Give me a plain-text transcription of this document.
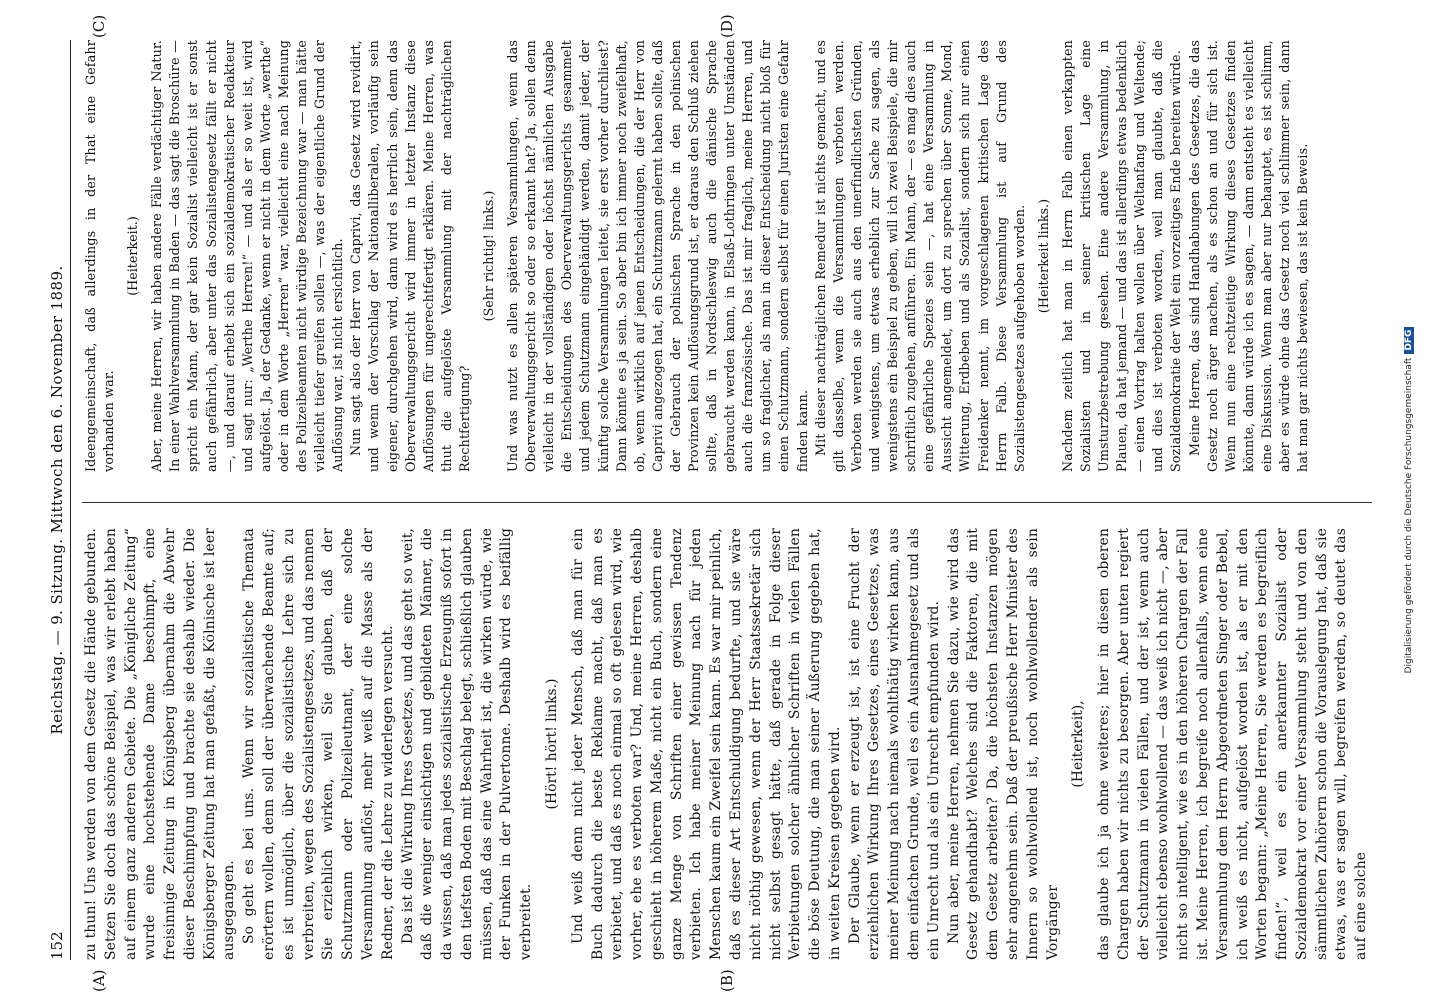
(A)	(B)
(C)	(D)
152
Reichstag. — 9. Sitzung. Mittwoch den 6. November 1889.

zu thun! Uns werden von dem Gesetz die Hände gebunden. Setzen Sie doch das schöne Beispiel, was wir erlebt haben auf einem ganz anderen Gebiete. Die „Königliche Zeitung“ wurde eine hochstehende Dame beschimpft, eine freisinnige Zeitung in Königsberg übernahm die Abwehr dieser Beschimpfung und brachte sie deshalb wieder. Die Königsberger Zeitung hat man gefaßt, die Kölnische ist leer ausgegangen. So geht es bei uns. Wenn wir sozialistische Themata erörtern wollen, denn soll der überwachende Beamte auf; es ist unmöglich, über die sozialistische Lehre sich zu verbreiten, wegen des Sozialistengesetzes, und das nennen Sie erziehlich wirken, weil Sie glauben, daß der Schutzmann oder Polizeileutnant, der eine solche Versammlung auflöst, mehr weiß auf die Masse als der Redner, der die Lehre zu widerlegen versucht. Das ist die Wirkung Ihres Gesetzes, und das geht so weit, daß die weniger einsichtigen und gebildeten Männer, die da wissen, daß man jedes sozialistische Erzeugniß sofort in den tiefsten Boden mit Beschlag belegt, schließlich glauben müssen, daß das eine Wahrheit ist, die wirken würde, wie der Funken in der Pulvertonne. Deshalb wird es beifällig verbreitet.

(Hört! hört! links.) Und weiß denn nicht jeder Mensch, daß man für ein Buch dadurch die beste Reklame macht, daß man es verbietet, und daß es noch einmal so oft gelesen wird, wie vorher, ehe es verboten war? Und, meine Herren, deshalb geschieht in höherem Maße, nicht ein Buch, sondern eine ganze Menge von Schriften einer gewissen Tendenz verbieten. Ich habe meiner Meinung nach für jeden Menschen kaum ein Zweifel sein kann. Es war mir peinlich, daß es dieser Art Entschuldigung bedurfte, und sie wäre nicht nöthig gewesen, wenn der Herr Staatssekretär sich nicht selbst gesagt hätte, daß gerade in Folge dieser Verbietungen solcher ähnlicher Schriften in vielen Fällen die böse Deutung, die man seiner Äußerung gegeben hat, in weiten Kreisen gegeben wird. Der Glaube, wenn er erzeugt ist, ist eine Frucht der erziehlichen Wirkung Ihres Gesetzes, eines Gesetzes, was meiner Meinung nach niemals wohlthätig wirken kann, aus dem einfachen Grunde, weil es ein Ausnahmegesetz und als ein Unrecht und als ein Unrecht empfunden wird. Nun aber, meine Herren, nehmen Sie dazu, wie wird das Gesetz gehandhabt? Welches sind die Faktoren, die mit dem Gesetz arbeiten? Da, die höchsten Instanzen mögen sehr angenehm sein. Daß der preußische Herr Minister des Innern so wohlwollend ist, noch wohlwollender als sein Vorgänger

(Heiterkeit), das glaube ich ja ohne weiteres; hier in diesen oberen Chargen haben wir nichts zu besorgen. Aber unten regiert der Schutzmann in vielen Fällen, und der ist, wenn auch vielleicht ebenso wohlwollend — das weiß ich nicht —, aber nicht so intelligent, wie es in den höheren Chargen der Fall ist. Meine Herren, ich begreife noch allenfalls, wenn eine Versammlung dem Herrn Abgeordneten Singer oder Bebel, ich weiß es nicht, aufgelöst worden ist, als er mit den Worten begann: „Meine Herren, Sie werden es begreiflich finden!“, weil es ein anerkannter Sozialist oder Sozialdemokrat vor einer Versammlung steht und von den sämmtlichen Zuhörern schon die Vorauslegung hat, daß sie etwas, was er sagen will, begreifen werden, so deutet das auf eine solche

Ideengemeinschaft, daß allerdings in der That eine Gefahr vorhanden war.

(Heiterkeit.) Aber, meine Herren, wir haben andere Fälle verdächtiger Natur. In einer Wahlversammlung in Baden — das sagt die Broschüre — spricht ein Mann, der gar kein Sozialist vielleicht ist er sonst auch gefährlich, aber unter das Sozialistengesetz fällt er nicht —, und darauf erhebt sich ein sozialdemokratischer Redakteur und sagt nur: „Werthe Herren!“ — und als er so weit ist, wird aufgelöst. Ja, der Gedanke, wenn er nicht in dem Worte „werthe“ oder in dem Worte „Herren“ war, vielleicht eine nach Meinung des Polizeibeamten nicht würdige Bezeichnung war — man hätte vielleicht tiefer greifen sollen —, was der eigentliche Grund der Auflösung war, ist nicht ersichtlich. Nun sagt also der Herr von Caprivi, das Gesetz wird revidirt, und wenn der Vorschlag der Nationalliberalen, vorläufig sein eigener, durchgehen wird, dann wird es herrlich sein, denn das Oberverwaltungsgericht wird immer in letzter Instanz diese Auflösungen für ungerechtfertigt erklären. Meine Herren, was thut die aufgelöste Versammlung mit der nachträglichen Rechtfertigung?

(Sehr richtig! links.) Und was nutzt es allen späteren Versammlungen, wenn das Oberverwaltungsgericht so oder so erkannt hat? Ja, sollen denn vielleicht in der vollständigen oder höchst nämlichen Ausgabe die Entscheidungen des Oberverwaltungsgerichts gesammelt und jedem Schutzmann eingehändigt werden, damit jeder, der künftig solche Versammlungen leitet, sie erst vorher durchliest? Dann könnte es ja sein. So aber bin ich immer noch zweifelhaft, ob, wenn wirklich auf jenen Entscheidungen, die der Herr von Caprivi angezogen hat, ein Schutzmann gelernt haben sollte, daß der Gebrauch der polnischen Sprache in den polnischen Provinzen kein Auflösungsgrund ist, er daraus den Schluß ziehen sollte, daß in Nordschleswig auch die dänische Sprache gebraucht werden kann, in Elsaß-Lothringen unter Umständen auch die französische. Das ist mir fraglich, meine Herren, und um so fraglicher, als man in dieser Entscheidung nicht bloß für einen Schutzmann, sondern selbst für einen Juristen eine Gefahr finden kann. Mit dieser nachträglichen Remedur ist nichts gemacht, und es gilt dasselbe, wenn die Versammlungen verboten werden. Verboten werden sie auch aus den unerfindlichsten Gründen, und wenigstens, um etwas erheblich zur Sache zu sagen, als wenigstens ein Beispiel zu geben, will ich zwei Beispiele, die mir schriftlich zugehen, anführen. Ein Mann, der — es mag dies auch eine gefährliche Spezies sein —, hat eine Versammlung in Aussicht angemeldet, um dort zu sprechen über Sonne, Mond, Witterung, Erdbeben und als Sozialist, sondern sich nur einen Freidenker nennt, im vorgeschlagenen kritischen Lage des Herrn Falb. Diese Versammlung ist auf Grund des Sozialistengesetzes aufgehoben worden. (Heiterkeit links.) Nachdem zeitlich hat man in Herrn Falb einen verkappten Sozialisten und in seiner kritischen Lage eine Umsturzbestrebung gesehen. Eine andere Versammlung, in Plauen, da hat jemand — und das ist allerdings etwas bedenklich — einen Vortrag halten wollen über Weltanfang und Weltende; und dies ist verboten worden, weil man glaubte, daß die Sozialdemokratie der Welt ein vorzeitiges Ende bereiten würde. Meine Herren, das sind Handhabungen des Gesetzes, die das Gesetz noch ärger machen, als es schon an und für sich ist. Wenn nun eine rechtzeitige Wirkung dieses Gesetzes finden könnte, dann würde ich es sagen, — dann entsteht es vielleicht eine Diskussion. Wenn man aber nur behauptet, es ist schlimm, aber es würde ohne das Gesetz noch viel schlimmer sein, dann hat man gar nichts bewiesen, das ist kein Beweis.

Digitalisierung gefördert durch die Deutsche ForschungsgemeinschaftDFG
